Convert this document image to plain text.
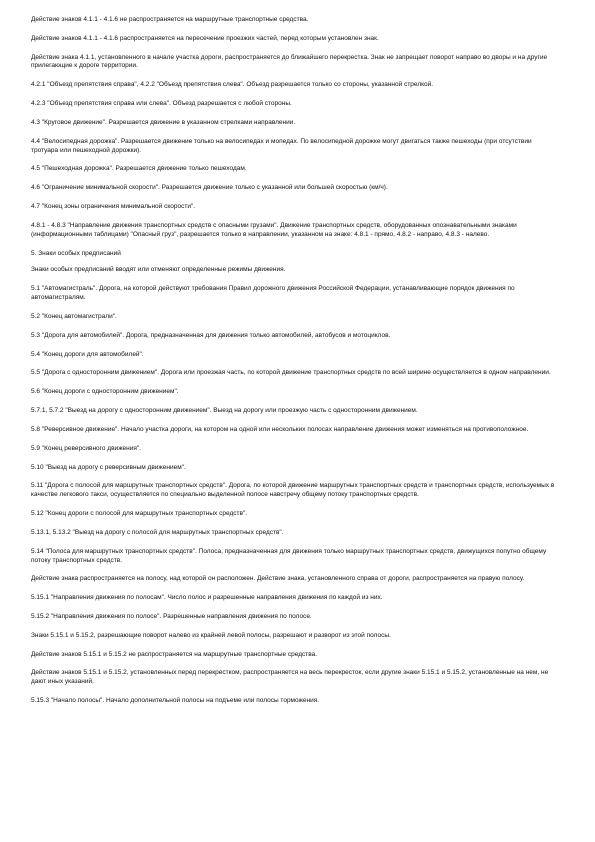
Действие знаков 4.1.1 - 4.1.6 не распространяется на маршрутные транспортные средства.

Действие знаков 4.1.1 - 4.1.6 распространяется на пересечение проезжих частей, перед которым установлен знак.

Действие знака 4.1.1, установленного в начале участка дороги, распространяется до ближайшего перекрестка. Знак не запрещает поворот направо во дворы и на другие прилегающие к дороге территории.

4.2.1 "Объезд препятствия справа", 4.2.2 "Объезд препятствия слева". Объезд разрешается только со стороны, указанной стрелкой.

4.2.3 "Объезд препятствия справа или слева". Объезд разрешается с любой стороны.

4.3 "Круговое движение". Разрешается движение в указанном стрелками направлении.

4.4 "Велосипедная дорожка". Разрешается движение только на велосипедах и мопедах. По велосипедной дорожке могут двигаться также пешеходы (при отсутствии тротуара или пешеходной дорожки).

4.5 "Пешеходная дорожка". Разрешается движение только пешеходам.

4.6 "Ограничение минимальной скорости". Разрешается движение только с указанной или большей скоростью (км/ч).

4.7 "Конец зоны ограничения минимальной скорости".

4.8.1 - 4.8.3 "Направление движения транспортных средств с опасными грузами". Движение транспортных средств, оборудованных опознавательными знаками (информационными таблицами) "Опасный груз", разрешается только в направлении, указанном на знаке: 4.8.1 - прямо, 4.8.2 - направо, 4.8.3 - налево.

5. Знаки особых предписаний

Знаки особых предписаний вводят или отменяют определенные режимы движения.

5.1 "Автомагистраль". Дорога, на которой действуют требования Правил дорожного движения Российской Федерации, устанавливающие порядок движения по автомагистралям.

5.2 "Конец автомагистрали".

5.3 "Дорога для автомобилей". Дорога, предназначенная для движения только автомобилей, автобусов и мотоциклов.

5.4 "Конец дороги для автомобилей".

5.5 "Дорога с односторонним движением". Дорога или проезжая часть, по которой движение транспортных средств по всей ширине осуществляется в одном направлении.

5.6 "Конец дороги с односторонним движением".

5.7.1, 5.7.2 "Выезд на дорогу с односторонним движением". Выезд на дорогу или проезжую часть с односторонним движением.

5.8 "Реверсивное движение". Начало участка дороги, на котором на одной или нескольких полосах направление движения может изменяться на противоположное.

5.9 "Конец реверсивного движения".

5.10 "Выезд на дорогу с реверсивным движением".

5.11 "Дорога с полосой для маршрутных транспортных средств". Дорога, по которой движение маршрутных транспортных средств и транспортных средств, используемых в качестве легкового такси, осуществляется по специально выделенной полосе навстречу общему потоку транспортных средств.

5.12 "Конец дороги с полосой для маршрутных транспортных средств".

5.13.1, 5.13.2 "Выезд на дорогу с полосой для маршрутных транспортных средств".

5.14 "Полоса для маршрутных транспортных средств". Полоса, предназначенная для движения только маршрутных транспортных средств, движущихся попутно общему потоку транспортных средств.

Действие знака распространяется на полосу, над которой он расположен. Действие знака, установленного справа от дороги, распространяется на правую полосу.

5.15.1 "Направления движения по полосам". Число полос и разрешенные направления движения по каждой из них.

5.15.2 "Направления движения по полосе". Разрешенные направления движения по полосе.

Знаки 5.15.1 и 5.15.2, разрешающие поворот налево из крайней левой полосы, разрешают и разворот из этой полосы.

Действие знаков 5.15.1 и 5.15.2 не распространяется на маршрутные транспортные средства.

Действие знаков 5.15.1 и 5.15.2, установленных перед перекрестком, распространяется на весь перекресток, если другие знаки 5.15.1 и 5.15.2, установленные на нем, не дают иных указаний.

5.15.3 "Начало полосы". Начало дополнительной полосы на подъеме или полосы торможения.
